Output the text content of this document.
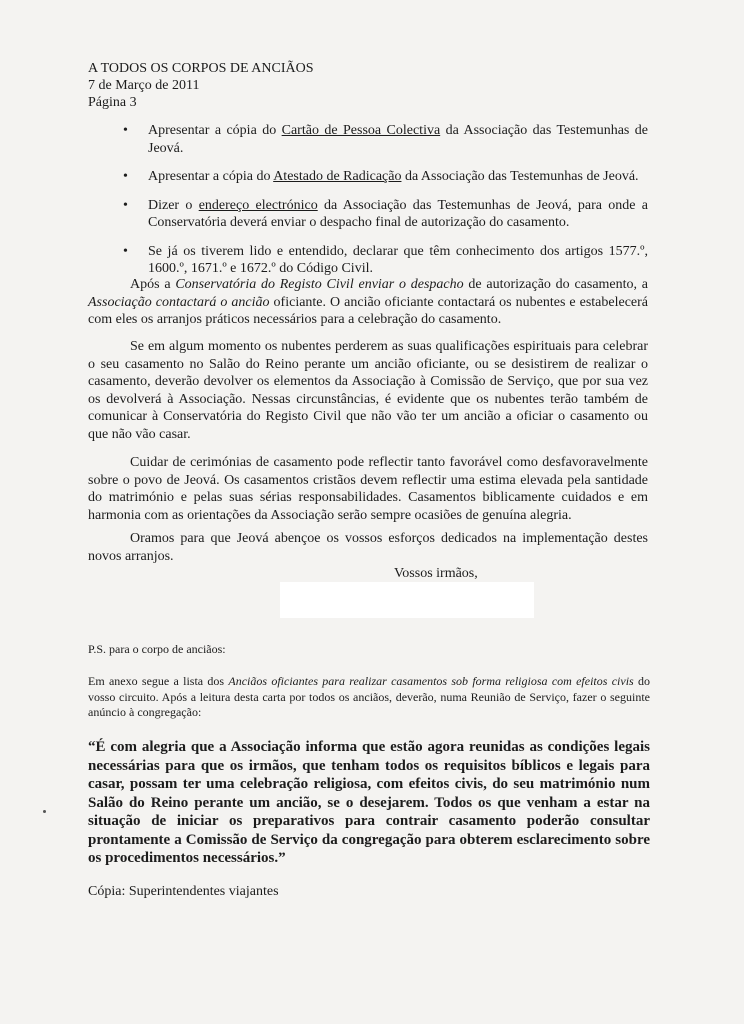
A TODOS OS CORPOS DE ANCIÃOS
7 de Março de 2011
Página 3
• Apresentar a cópia do Cartão de Pessoa Colectiva da Associação das Testemunhas de Jeová.
• Apresentar a cópia do Atestado de Radicação da Associação das Testemunhas de Jeová.
• Dizer o endereço electrónico da Associação das Testemunhas de Jeová, para onde a Conservatória deverá enviar o despacho final de autorização do casamento.
• Se já os tiverem lido e entendido, declarar que têm conhecimento dos artigos 1577.º, 1600.º, 1671.º e 1672.º do Código Civil.
Após a Conservatória do Registo Civil enviar o despacho de autorização do casamento, a Associação contactará o ancião oficiante. O ancião oficiante contactará os nubentes e estabelecerá com eles os arranjos práticos necessários para a celebração do casamento.
Se em algum momento os nubentes perderem as suas qualificações espirituais para celebrar o seu casamento no Salão do Reino perante um ancião oficiante, ou se desistirem de realizar o casamento, deverão devolver os elementos da Associação à Comissão de Serviço, que por sua vez os devolverá à Associação. Nessas circunstâncias, é evidente que os nubentes terão também de comunicar à Conservatória do Registo Civil que não vão ter um ancião a oficiar o casamento ou que não vão casar.
Cuidar de cerimónias de casamento pode reflectir tanto favorável como desfavoravelmente sobre o povo de Jeová. Os casamentos cristãos devem reflectir uma estima elevada pela santidade do matrimónio e pelas suas sérias responsabilidades. Casamentos biblicamente cuidados e em harmonia com as orientações da Associação serão sempre ocasiões de genuína alegria.
Oramos para que Jeová abençoe os vossos esforços dedicados na implementação destes novos arranjos.
Vossos irmãos,
P.S. para o corpo de anciãos:
Em anexo segue a lista dos Anciãos oficiantes para realizar casamentos sob forma religiosa com efeitos civis do vosso circuito. Após a leitura desta carta por todos os anciãos, deverão, numa Reunião de Serviço, fazer o seguinte anúncio à congregação:
“É com alegria que a Associação informa que estão agora reunidas as condições legais necessárias para que os irmãos, que tenham todos os requisitos bíblicos e legais para casar, possam ter uma celebração religiosa, com efeitos civis, do seu matrimónio num Salão do Reino perante um ancião, se o desejarem. Todos os que venham a estar na situação de iniciar os preparativos para contrair casamento poderão consultar prontamente a Comissão de Serviço da congregação para obterem esclarecimento sobre os procedimentos necessários.”
Cópia: Superintendentes viajantes
